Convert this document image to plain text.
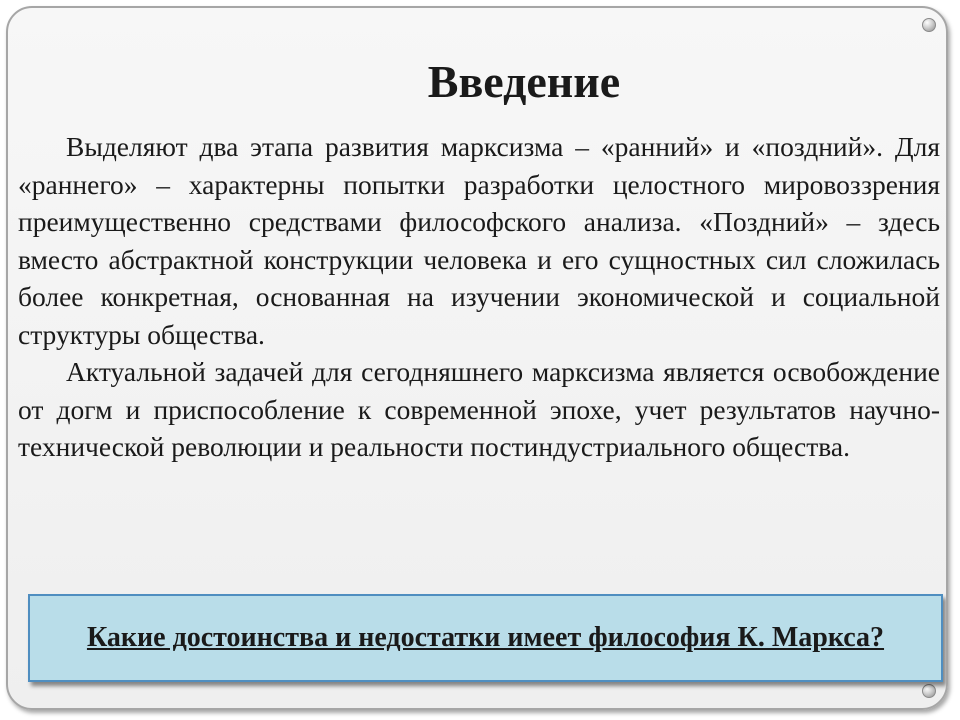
Введение

Выделяют два этапа развития марксизма – «ранний» и «поздний». Для «раннего» – характерны попытки разработки целостного мировоззрения преимущественно средствами философского анализа. «Поздний» – здесь вместо абстрактной конструкции человека и его сущностных сил сложилась более конкретная, основанная на изучении экономической и социальной структуры общества.

Актуальной задачей для сегодняшнего марксизма является освобождение от догм и приспособление к современной эпохе, учет результатов научно-технической революции и реальности постиндустриального общества.

Какие достоинства и недостатки имеет философия К. Маркса?
